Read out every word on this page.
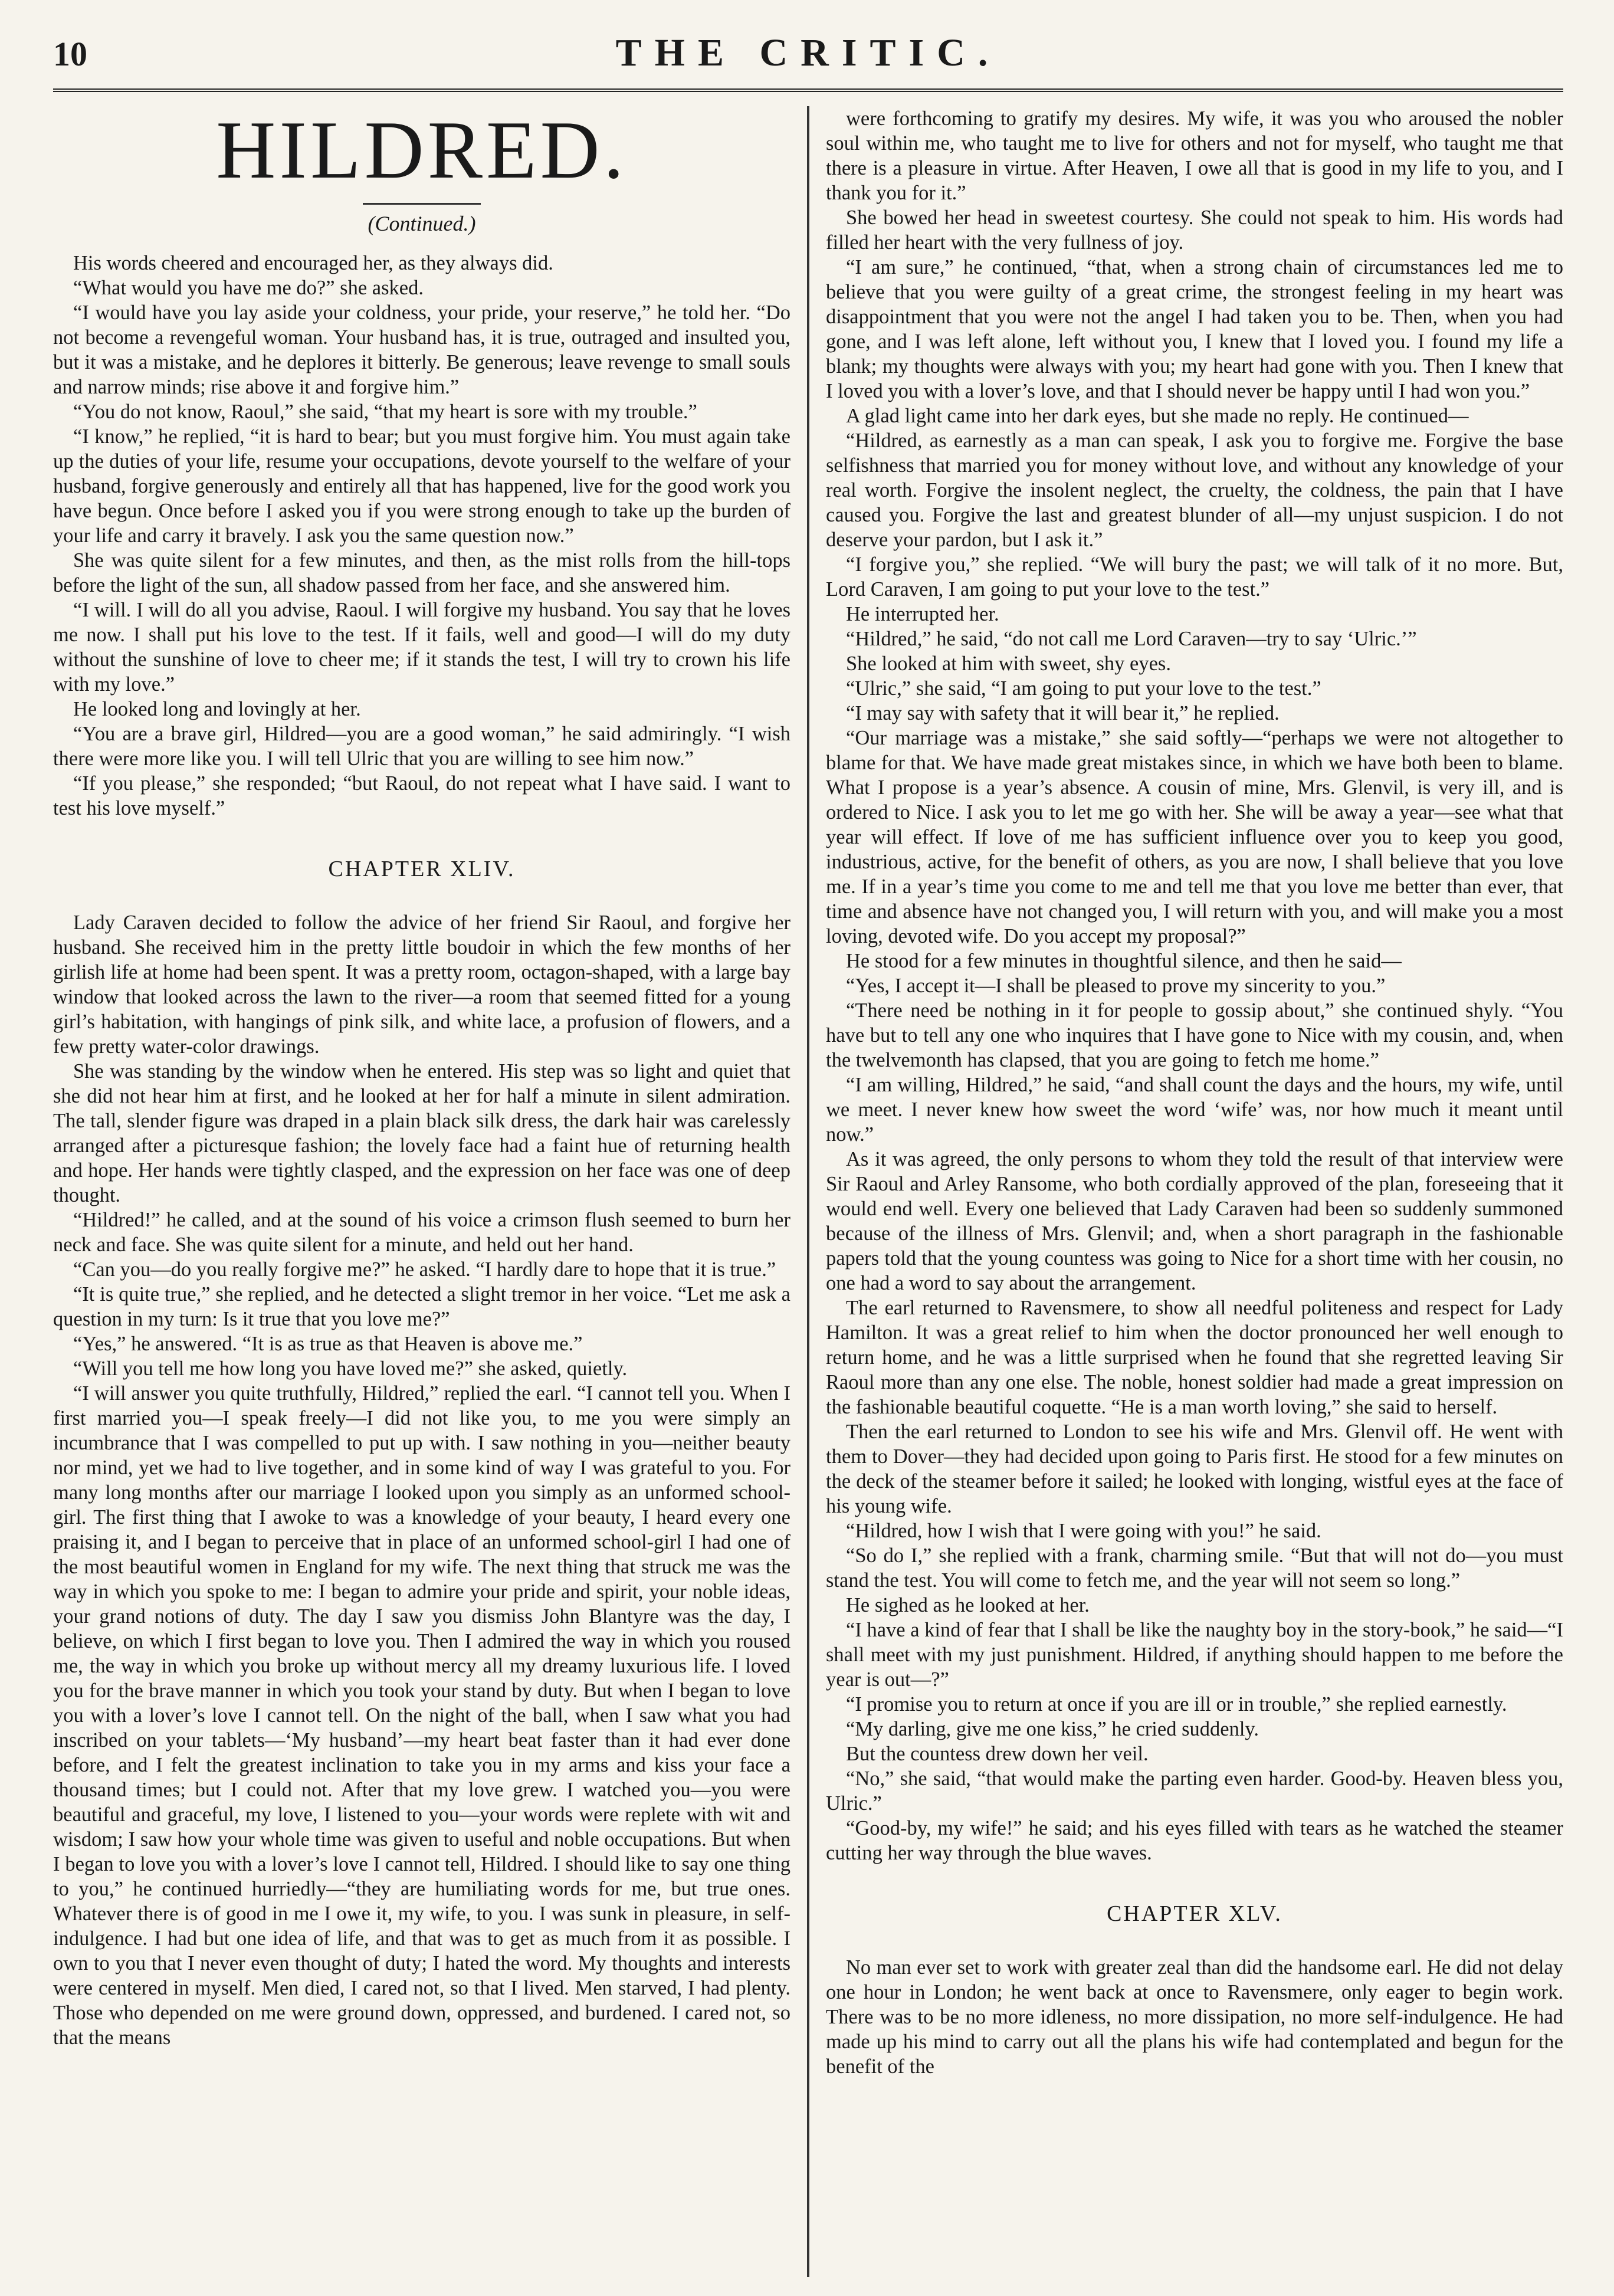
10	THE CRITIC.
HILDRED.
(Continued.)

His words cheered and encouraged her, as they always did.

“What would you have me do?” she asked.

“I would have you lay aside your coldness, your pride, your reserve,” he told her. “Do not become a revengeful woman. Your husband has, it is true, outraged and insulted you, but it was a mistake, and he deplores it bitterly. Be generous; leave revenge to small souls and narrow minds; rise above it and forgive him.”

“You do not know, Raoul,” she said, “that my heart is sore with my trouble.”

“I know,” he replied, “it is hard to bear; but you must forgive him. You must again take up the duties of your life, resume your occupations, devote yourself to the welfare of your husband, forgive generously and entirely all that has happened, live for the good work you have begun. Once before I asked you if you were strong enough to take up the burden of your life and carry it bravely. I ask you the same question now.”

She was quite silent for a few minutes, and then, as the mist rolls from the hill-tops before the light of the sun, all shadow passed from her face, and she answered him.

“I will. I will do all you advise, Raoul. I will forgive my husband. You say that he loves me now. I shall put his love to the test. If it fails, well and good—I will do my duty without the sunshine of love to cheer me; if it stands the test, I will try to crown his life with my love.”

He looked long and lovingly at her.

“You are a brave girl, Hildred—you are a good woman,” he said admiringly. “I wish there were more like you. I will tell Ulric that you are willing to see him now.”

“If you please,” she responded; “but Raoul, do not repeat what I have said. I want to test his love myself.”

CHAPTER XLIV.

Lady Caraven decided to follow the advice of her friend Sir Raoul, and forgive her husband. She received him in the pretty little boudoir in which the few months of her girlish life at home had been spent. It was a pretty room, octagon-shaped, with a large bay window that looked across the lawn to the river—a room that seemed fitted for a young girl’s habitation, with hangings of pink silk, and white lace, a profusion of flowers, and a few pretty water-color drawings.

She was standing by the window when he entered. His step was so light and quiet that she did not hear him at first, and he looked at her for half a minute in silent admiration. The tall, slender figure was draped in a plain black silk dress, the dark hair was carelessly arranged after a picturesque fashion; the lovely face had a faint hue of returning health and hope. Her hands were tightly clasped, and the expression on her face was one of deep thought.

“Hildred!” he called, and at the sound of his voice a crimson flush seemed to burn her neck and face. She was quite silent for a minute, and held out her hand.

“Can you—do you really forgive me?” he asked. “I hardly dare to hope that it is true.”

“It is quite true,” she replied, and he detected a slight tremor in her voice. “Let me ask a question in my turn: Is it true that you love me?”

“Yes,” he answered. “It is as true as that Heaven is above me.”

“Will you tell me how long you have loved me?” she asked, quietly.

“I will answer you quite truthfully, Hildred,” replied the earl. “I cannot tell you. When I first married you—I speak freely—I did not like you, to me you were simply an incumbrance that I was compelled to put up with. I saw nothing in you—neither beauty nor mind, yet we had to live together, and in some kind of way I was grateful to you. For many long months after our marriage I looked upon you simply as an unformed school-girl. The first thing that I awoke to was a knowledge of your beauty, I heard every one praising it, and I began to perceive that in place of an unformed school-girl I had one of the most beautiful women in England for my wife. The next thing that struck me was the way in which you spoke to me: I began to admire your pride and spirit, your noble ideas, your grand notions of duty. The day I saw you dismiss John Blantyre was the day, I believe, on which I first began to love you. Then I admired the way in which you roused me, the way in which you broke up without mercy all my dreamy luxurious life. I loved you for the brave manner in which you took your stand by duty. But when I began to love you with a lover’s love I cannot tell. On the night of the ball, when I saw what you had inscribed on your tablets—‘My husband’—my heart beat faster than it had ever done before, and I felt the greatest inclination to take you in my arms and kiss your face a thousand times; but I could not. After that my love grew. I watched you—you were beautiful and graceful, my love, I listened to you—your words were replete with wit and wisdom; I saw how your whole time was given to useful and noble occupations. But when I began to love you with a lover’s love I cannot tell, Hildred. I should like to say one thing to you,” he continued hurriedly—“they are humiliating words for me, but true ones. Whatever there is of good in me I owe it, my wife, to you. I was sunk in pleasure, in self-indulgence. I had but one idea of life, and that was to get as much from it as possible. I own to you that I never even thought of duty; I hated the word. My thoughts and interests were centered in myself. Men died, I cared not, so that I lived. Men starved, I had plenty. Those who depended on me were ground down, oppressed, and burdened. I cared not, so that the means

were forthcoming to gratify my desires. My wife, it was you who aroused the nobler soul within me, who taught me to live for others and not for myself, who taught me that there is a pleasure in virtue. After Heaven, I owe all that is good in my life to you, and I thank you for it.”

She bowed her head in sweetest courtesy. She could not speak to him. His words had filled her heart with the very fullness of joy.

“I am sure,” he continued, “that, when a strong chain of circumstances led me to believe that you were guilty of a great crime, the strongest feeling in my heart was disappointment that you were not the angel I had taken you to be. Then, when you had gone, and I was left alone, left without you, I knew that I loved you. I found my life a blank; my thoughts were always with you; my heart had gone with you. Then I knew that I loved you with a lover’s love, and that I should never be happy until I had won you.”

A glad light came into her dark eyes, but she made no reply. He continued—

“Hildred, as earnestly as a man can speak, I ask you to forgive me. Forgive the base selfishness that married you for money without love, and without any knowledge of your real worth. Forgive the insolent neglect, the cruelty, the coldness, the pain that I have caused you. Forgive the last and greatest blunder of all—my unjust suspicion. I do not deserve your pardon, but I ask it.”

“I forgive you,” she replied. “We will bury the past; we will talk of it no more. But, Lord Caraven, I am going to put your love to the test.”

He interrupted her.

“Hildred,” he said, “do not call me Lord Caraven—try to say ‘Ulric.’”

She looked at him with sweet, shy eyes.

“Ulric,” she said, “I am going to put your love to the test.”

“I may say with safety that it will bear it,” he replied.

“Our marriage was a mistake,” she said softly—“perhaps we were not altogether to blame for that. We have made great mistakes since, in which we have both been to blame. What I propose is a year’s absence. A cousin of mine, Mrs. Glenvil, is very ill, and is ordered to Nice. I ask you to let me go with her. She will be away a year—see what that year will effect. If love of me has sufficient influence over you to keep you good, industrious, active, for the benefit of others, as you are now, I shall believe that you love me. If in a year’s time you come to me and tell me that you love me better than ever, that time and absence have not changed you, I will return with you, and will make you a most loving, devoted wife. Do you accept my proposal?”

He stood for a few minutes in thoughtful silence, and then he said—

“Yes, I accept it—I shall be pleased to prove my sincerity to you.”

“There need be nothing in it for people to gossip about,” she continued shyly. “You have but to tell any one who inquires that I have gone to Nice with my cousin, and, when the twelvemonth has clapsed, that you are going to fetch me home.”

“I am willing, Hildred,” he said, “and shall count the days and the hours, my wife, until we meet. I never knew how sweet the word ‘wife’ was, nor how much it meant until now.”

As it was agreed, the only persons to whom they told the result of that interview were Sir Raoul and Arley Ransome, who both cordially approved of the plan, foreseeing that it would end well. Every one believed that Lady Caraven had been so suddenly summoned because of the illness of Mrs. Glenvil; and, when a short paragraph in the fashionable papers told that the young countess was going to Nice for a short time with her cousin, no one had a word to say about the arrangement.

The earl returned to Ravensmere, to show all needful politeness and respect for Lady Hamilton. It was a great relief to him when the doctor pronounced her well enough to return home, and he was a little surprised when he found that she regretted leaving Sir Raoul more than any one else. The noble, honest soldier had made a great impression on the fashionable beautiful coquette. “He is a man worth loving,” she said to herself.

Then the earl returned to London to see his wife and Mrs. Glenvil off. He went with them to Dover—they had decided upon going to Paris first. He stood for a few minutes on the deck of the steamer before it sailed; he looked with longing, wistful eyes at the face of his young wife.

“Hildred, how I wish that I were going with you!” he said.

“So do I,” she replied with a frank, charming smile. “But that will not do—you must stand the test. You will come to fetch me, and the year will not seem so long.”

He sighed as he looked at her.

“I have a kind of fear that I shall be like the naughty boy in the story-book,” he said—“I shall meet with my just punishment. Hildred, if anything should happen to me before the year is out—?”

“I promise you to return at once if you are ill or in trouble,” she replied earnestly.

“My darling, give me one kiss,” he cried suddenly.

But the countess drew down her veil.

“No,” she said, “that would make the parting even harder. Good-by. Heaven bless you, Ulric.”

“Good-by, my wife!” he said; and his eyes filled with tears as he watched the steamer cutting her way through the blue waves.

CHAPTER XLV.

No man ever set to work with greater zeal than did the handsome earl. He did not delay one hour in London; he went back at once to Ravensmere, only eager to begin work. There was to be no more idleness, no more dissipation, no more self-indulgence. He had made up his mind to carry out all the plans his wife had contemplated and begun for the benefit of the
